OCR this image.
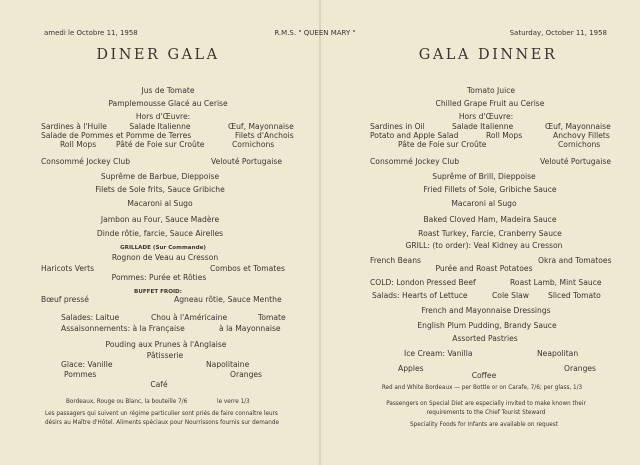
amedi le Octobre 11, 1958	R.M.S. " QUEEN MARY "	Saturday, October 11, 1958
DINER GALA
Jus de Tomate
Pamplemousse Glacé au Cerise
Hors d'Œuvre:
Sardines à l'Huile	Salade Italienne	Œuf, Mayonnaise
Salade de Pommes et Pomme de Terres	Filets d'Anchois
Roll Mops	Pâté de Foie sur Croûte	Cornichons
Consommé Jockey Club	Velouté Portugaise
Suprême de Barbue, Dieppoise
Filets de Sole frits, Sauce Gribiche
Macaroni al Sugo
Jambon au Four, Sauce Madère
Dinde rôtie, farcie, Sauce Airelles
GRILLADE (Sur Commande)
Rognon de Veau au Cresson
Haricots Verts	Combos et Tomates
Pommes: Purée et Rôties
BUFFET FROID:
Bœuf pressé	Agneau rôtie, Sauce Menthe
Salades: Laitue	Chou à l'Américaine	Tomate
Assaisonnements: à la Française	à la Mayonnaise
Pouding aux Prunes à l'Anglaise
Pâtisserie
Glace: Vanille	Napolitaine
Pommes	Oranges
Café
Bordeaux, Rouge ou Blanc, la bouteille 7/6	le verre 1/3
Les passagers qui suivent un régime particulier sont priés de faire connaître leurs
désirs au Maître d'Hôtel. Aliments spéciaux pour Nourrissons fournis sur demande
GALA DINNER
Tomato Juice
Chilled Grape Fruit au Cerise
Hors d'Œuvre:
Sardines in Oil	Salade Italienne	Œuf, Mayonnaise
Potato and Apple Salad	Roll Mops	Anchovy Fillets
Pâte de Foie sur Croûte	Cornichons
Consommé Jockey Club	Velouté Portugaise
Suprême of Brill, Dieppoise
Fried Fillets of Sole, Gribiche Sauce
Macaroni al Sugo
Baked Cloved Ham, Madeira Sauce
Roast Turkey, Farcie, Cranberry Sauce
GRILL: (to order): Veal Kidney au Cresson
French Beans	Okra and Tomatoes
Purée and Roast Potatoes
COLD: London Pressed Beef	Roast Lamb, Mint Sauce
Salads: Hearts of Lettuce	Cole Slaw	Sliced Tomato
French and Mayonnaise Dressings
English Plum Pudding, Brandy Sauce
Assorted Pastries
Ice Cream: Vanilla	Neapolitan
Apples	Oranges
Coffee
Red and White Bordeaux — per Bottle or on Carafe, 7/6; per glass, 1/3
Passengers on Special Diet are especially invited to make known their
requirements to the Chief Tourist Steward
Speciality Foods for Infants are available on request
